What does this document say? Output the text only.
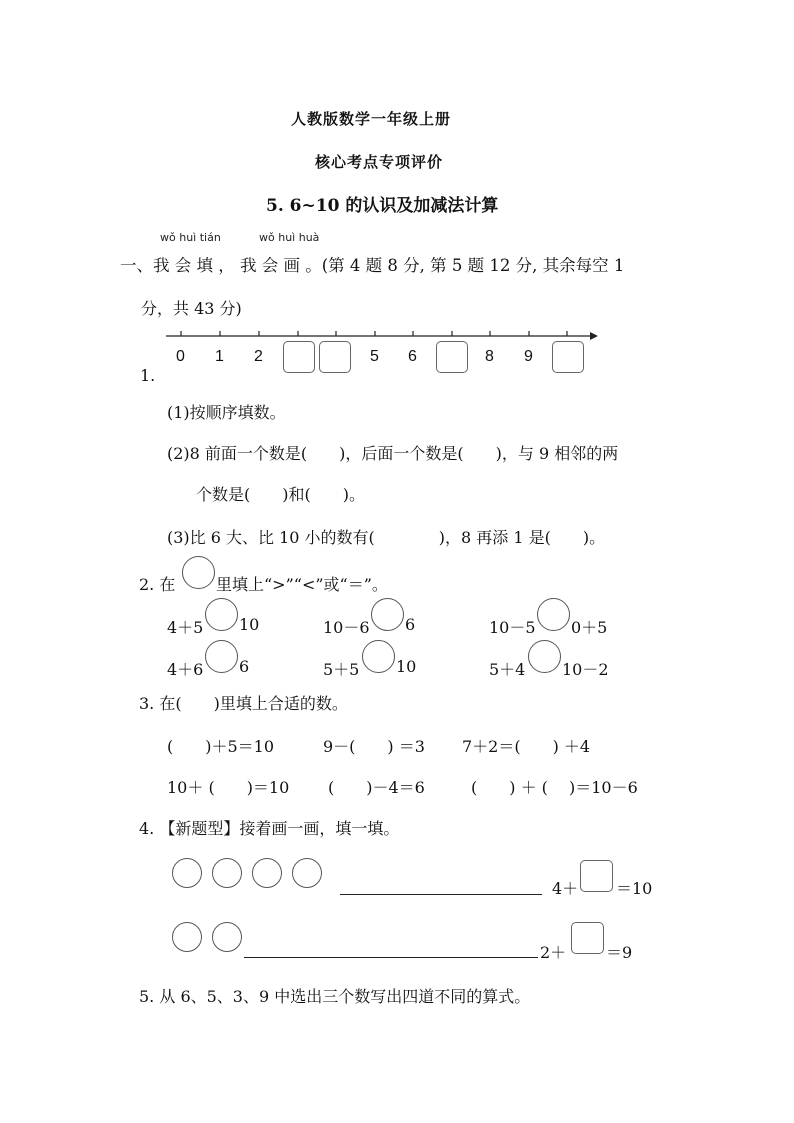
人教版数学一年级上册
核心考点专项评价
5. 6~10 的认识及加减法计算
wǒ huì tián	wǒ huì huà
一、我 会 填 ， 我 会 画 。(第 4 题 8 分, 第 5 题 12 分, 其余每空 1
分，共 43 分)
1.
0 1 2	5 6	8 9
(1)按顺序填数。
(2)8 前面一个数是(　　)，后面一个数是(　　)，与 9 相邻的两
个数是(　　)和(　　)。
(3)比 6 大、比 10 小的数有(　　　　)，8 再添 1 是(　　)。
2. 在	里填上“>”“<”或“＝”。
4＋5 10	10－6 6	10－5 0＋5
4＋6 6	5＋5 10	5＋4 10－2
3. 在(　　)里填上合适的数。
(　　)＋5＝10	9－(　　) ＝3 7＋2＝(　　) ＋4
10＋ (　　)＝10 (　　)－4＝6	(　　) ＋ (　 )＝10－6
4. 【新题型】接着画一画，填一填。
4＋ ＝10
2＋ ＝9
5. 从 6、5、3、9 中选出三个数写出四道不同的算式。
